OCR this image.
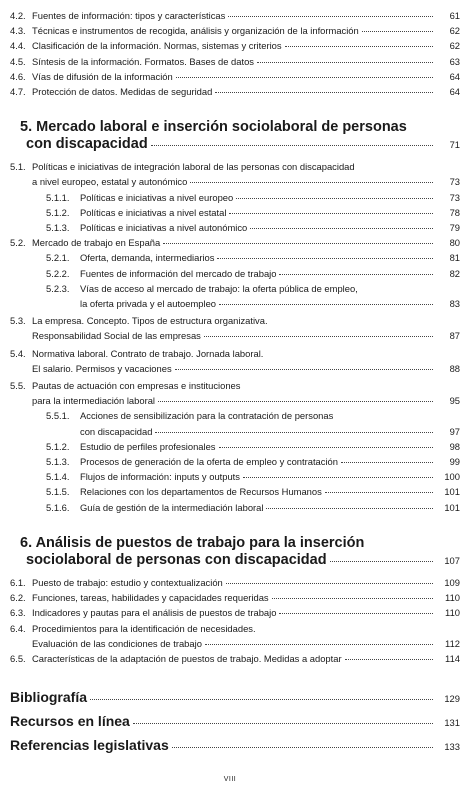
4.2. Fuentes de información: tipos y características	61
4.3. Técnicas e instrumentos de recogida, análisis y organización de la información	62
4.4. Clasificación de la información. Normas, sistemas y criterios	62
4.5. Síntesis de la información. Formatos. Bases de datos	63
4.6. Vías de difusión de la información	64
4.7. Protección de datos. Medidas de seguridad	64
5. Mercado laboral e inserción sociolaboral de personas
con discapacidad	71
5.1. Políticas e iniciativas de integración laboral de las personas con discapacidad
a nivel europeo, estatal y autonómico	73
5.1.1.	Políticas e iniciativas a nivel europeo	73
5.1.2.	Políticas e iniciativas a nivel estatal	78
5.1.3.	Políticas e iniciativas a nivel autonómico	79
5.2. Mercado de trabajo en España	80
5.2.1.	Oferta, demanda, intermediarios	81
5.2.2.	Fuentes de información del mercado de trabajo	82
5.2.3.	Vías de acceso al mercado de trabajo: la oferta pública de empleo,
la oferta privada y el autoempleo	83
5.3. La empresa. Concepto. Tipos de estructura organizativa.
Responsabilidad Social de las empresas	87
5.4. Normativa laboral. Contrato de trabajo. Jornada laboral.
El salario. Permisos y vacaciones	88
5.5. Pautas de actuación con empresas e instituciones
para la intermediación laboral	95
5.5.1.	Acciones de sensibilización para la contratación de personas
con discapacidad	97
5.1.2.	Estudio de perfiles profesionales	98
5.1.3.	Procesos de generación de la oferta de empleo y contratación	99
5.1.4.	Flujos de información: inputs y outputs	100
5.1.5.	Relaciones con los departamentos de Recursos Humanos	101
5.1.6.	Guía de gestión de la intermediación laboral	101
6. Análisis de puestos de trabajo para la inserción
sociolaboral de personas con discapacidad	107
6.1. Puesto de trabajo: estudio y contextualización	109
6.2. Funciones, tareas, habilidades y capacidades requeridas	110
6.3. Indicadores y pautas para el análisis de puestos de trabajo	110
6.4. Procedimientos para la identificación de necesidades.
Evaluación de las condiciones de trabajo	112
6.5. Características de la adaptación de puestos de trabajo. Medidas a adoptar	114
Bibliografía	129
Recursos en línea	131
Referencias legislativas	133
VIII
